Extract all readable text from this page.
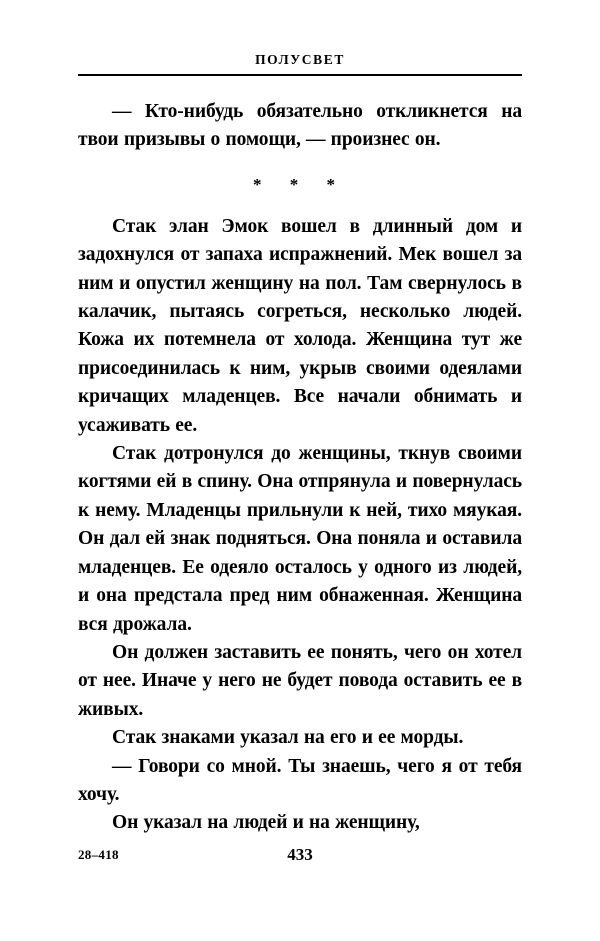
ПОЛУСВЕТ

— Кто-нибудь обязательно откликнется на твои призывы о помощи, — произнес он.

* * *

Стак элан Эмок вошел в длинный дом и задохнулся от запаха испражнений. Мек вошел за ним и опустил женщину на пол. Там свернулось в калачик, пытаясь согреться, несколько людей. Кожа их потемнела от холода. Женщина тут же присоединилась к ним, укрыв своими одеялами кричащих младенцев. Все начали обнимать и усаживать ее.

Стак дотронулся до женщины, ткнув своими когтями ей в спину. Она отпрянула и повернулась к нему. Младенцы прильнули к ней, тихо мяукая. Он дал ей знак подняться. Она поняла и оставила младенцев. Ее одеяло осталось у одного из людей, и она предстала пред ним обнаженная. Женщина вся дрожала.

Он должен заставить ее понять, чего он хотел от нее. Иначе у него не будет повода оставить ее в живых.

Стак знаками указал на его и ее морды.

— Говори со мной. Ты знаешь, чего я от тебя хочу.

Он указал на людей и на женщину,

28–418	433
